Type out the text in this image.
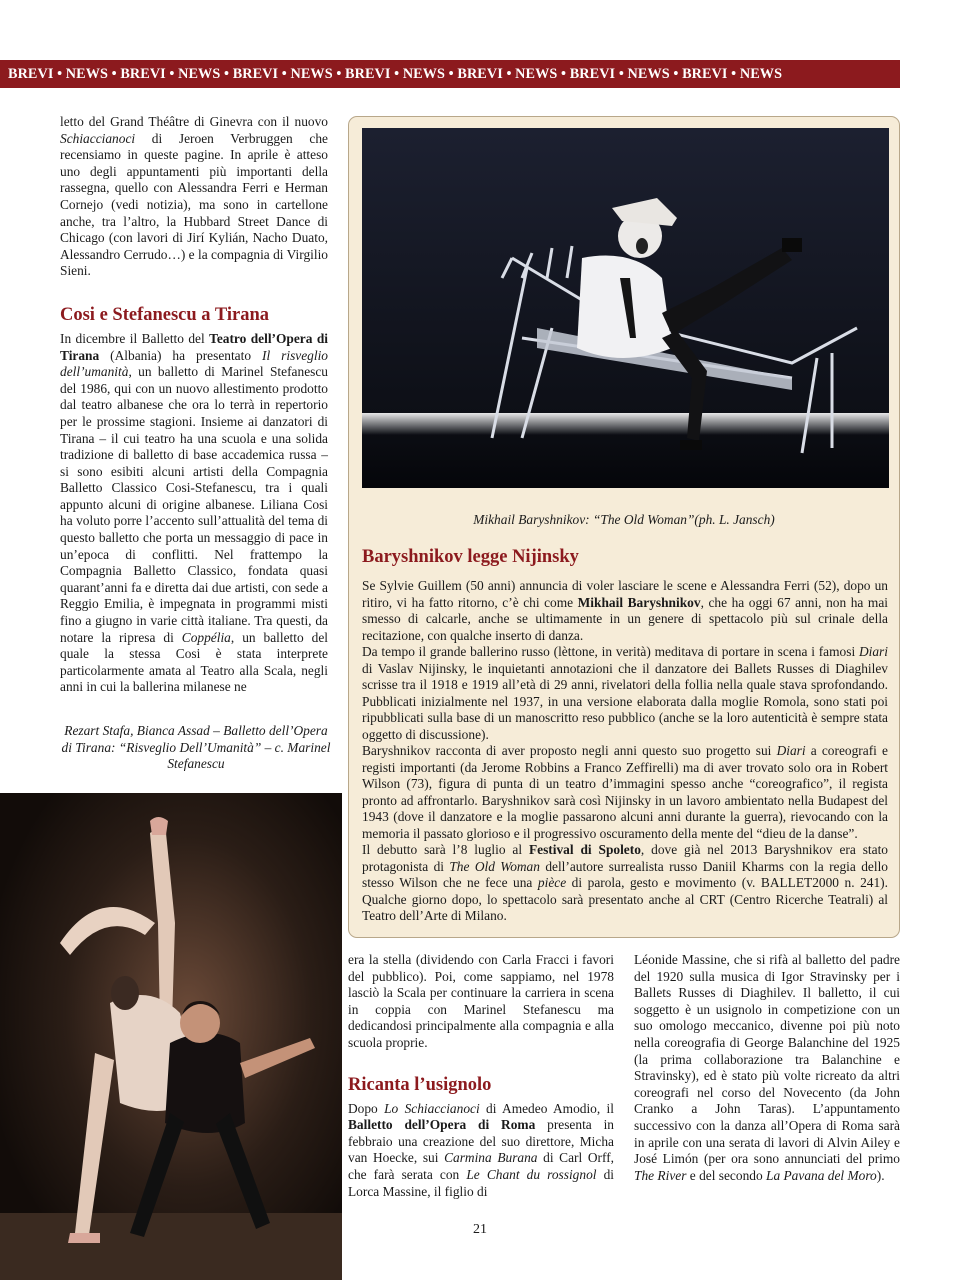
BREVI • NEWS • BREVI • NEWS • BREVI • NEWS • BREVI • NEWS • BREVI • NEWS • BREVI • NEWS • BREVI • NEWS

letto del Grand Théâtre di Ginevra con il nuovo Schiaccianoci di Jeroen Verbruggen che recensiamo in queste pagine. In aprile è atteso uno degli appuntamenti più importanti della rassegna, quello con Alessandra Ferri e Herman Cornejo (vedi notizia), ma sono in cartellone anche, tra l’altro, la Hubbard Street Dance di Chicago (con lavori di Jirí Kylián, Nacho Duato, Alessandro Cerrudo…) e la compagnia di Virgilio Sieni.

Cosi e Stefanescu a Tirana

In dicembre il Balletto del Teatro dell’Opera di Tirana (Albania) ha presentato Il risveglio dell’umanità, un balletto di Marinel Stefanescu del 1986, qui con un nuovo allestimento prodotto dal teatro albanese che ora lo terrà in repertorio per le prossime stagioni. Insieme ai danzatori di Tirana – il cui teatro ha una scuola e una solida tradizione di balletto di base accademica russa – si sono esibiti alcuni artisti della Compagnia Balletto Classico Cosi-Stefanescu, tra i quali appunto alcuni di origine albanese. Liliana Cosi ha voluto porre l’accento sull’attualità del tema di questo balletto che porta un messaggio di pace in un’epoca di conflitti. Nel frattempo la Compagnia Balletto Classico, fondata quasi quarant’anni fa e diretta dai due artisti, con sede a Reggio Emilia, è impegnata in programmi misti fino a giugno in varie città italiane. Tra questi, da notare la ripresa di Coppélia, un balletto del quale la stessa Cosi è stata interprete particolarmente amata al Teatro alla Scala, negli anni in cui la ballerina milanese ne

Rezart Stafa, Bianca Assad – Balletto dell’Opera di Tirana: “Risveglio Dell’Umanità” – c. Marinel Stefanescu
Mikhail Baryshnikov: “The Old Woman”(ph. L. Jansch)
Baryshnikov legge Nijinsky

Se Sylvie Guillem (50 anni) annuncia di voler lasciare le scene e Alessandra Ferri (52), dopo un ritiro, vi ha fatto ritorno, c’è chi come Mikhail Baryshnikov, che ha oggi 67 anni, non ha mai smesso di calcarle, anche se ultimamente in un genere di spettacolo più sul crinale della recitazione, con qualche inserto di danza.

Da tempo il grande ballerino russo (lèttone, in verità) meditava di portare in scena i famosi Diari di Vaslav Nijinsky, le inquietanti annotazioni che il danzatore dei Ballets Russes di Diaghilev scrisse tra il 1918 e 1919 all’età di 29 anni, rivelatori della follia nella quale stava sprofondando. Pubblicati inizialmente nel 1937, in una versione elaborata dalla moglie Romola, sono stati poi ripubblicati sulla base di un manoscritto reso pubblico (anche se la loro autenticità è sempre stata oggetto di discussione).

Baryshnikov racconta di aver proposto negli anni questo suo progetto sui Diari a coreografi e registi importanti (da Jerome Robbins a Franco Zeffirelli) ma di aver trovato solo ora in Robert Wilson (73), figura di punta di un teatro d’immagini spesso anche “coreografico”, il regista pronto ad affrontarlo. Baryshnikov sarà così Nijinsky in un lavoro ambientato nella Budapest del 1943 (dove il danzatore e la moglie passarono alcuni anni durante la guerra), rievocando con la memoria il passato glorioso e il progressivo oscuramento della mente del “dieu de la danse”.

Il debutto sarà l’8 luglio al Festival di Spoleto, dove già nel 2013 Baryshnikov era stato protagonista di The Old Woman dell’autore surrealista russo Daniil Kharms con la regia dello stesso Wilson che ne fece una pièce di parola, gesto e movimento (v. BALLET2000 n. 241). Qualche giorno dopo, lo spettacolo sarà presentato anche al CRT (Centro Ricerche Teatrali) al Teatro dell’Arte di Milano.

era la stella (dividendo con Carla Fracci i favori del pubblico). Poi, come sappiamo, nel 1978 lasciò la Scala per continuare la carriera in scena in coppia con Marinel Stefanescu ma dedicandosi principalmente alla compagnia e alla scuola proprie.

Ricanta l’usignolo

Dopo Lo Schiaccianoci di Amedeo Amodio, il Balletto dell’Opera di Roma presenta in febbraio una creazione del suo direttore, Micha van Hoecke, sui Carmina Burana di Carl Orff, che farà serata con Le Chant du rossignol di Lorca Massine, il figlio di

Léonide Massine, che si rifà al balletto del padre del 1920 sulla musica di Igor Stravinsky per i Ballets Russes di Diaghilev. Il balletto, il cui soggetto è un usignolo in competizione con un suo omologo meccanico, divenne poi più noto nella coreografia di George Balanchine del 1925 (la prima collaborazione tra Balanchine e Stravinsky), ed è stato più volte ricreato da altri coreografi nel corso del Novecento (da John Cranko a John Taras). L’appuntamento successivo con la danza all’Opera di Roma sarà in aprile con una serata di lavori di Alvin Ailey e José Limón (per ora sono annunciati del primo The River e del secondo La Pavana del Moro).

21
